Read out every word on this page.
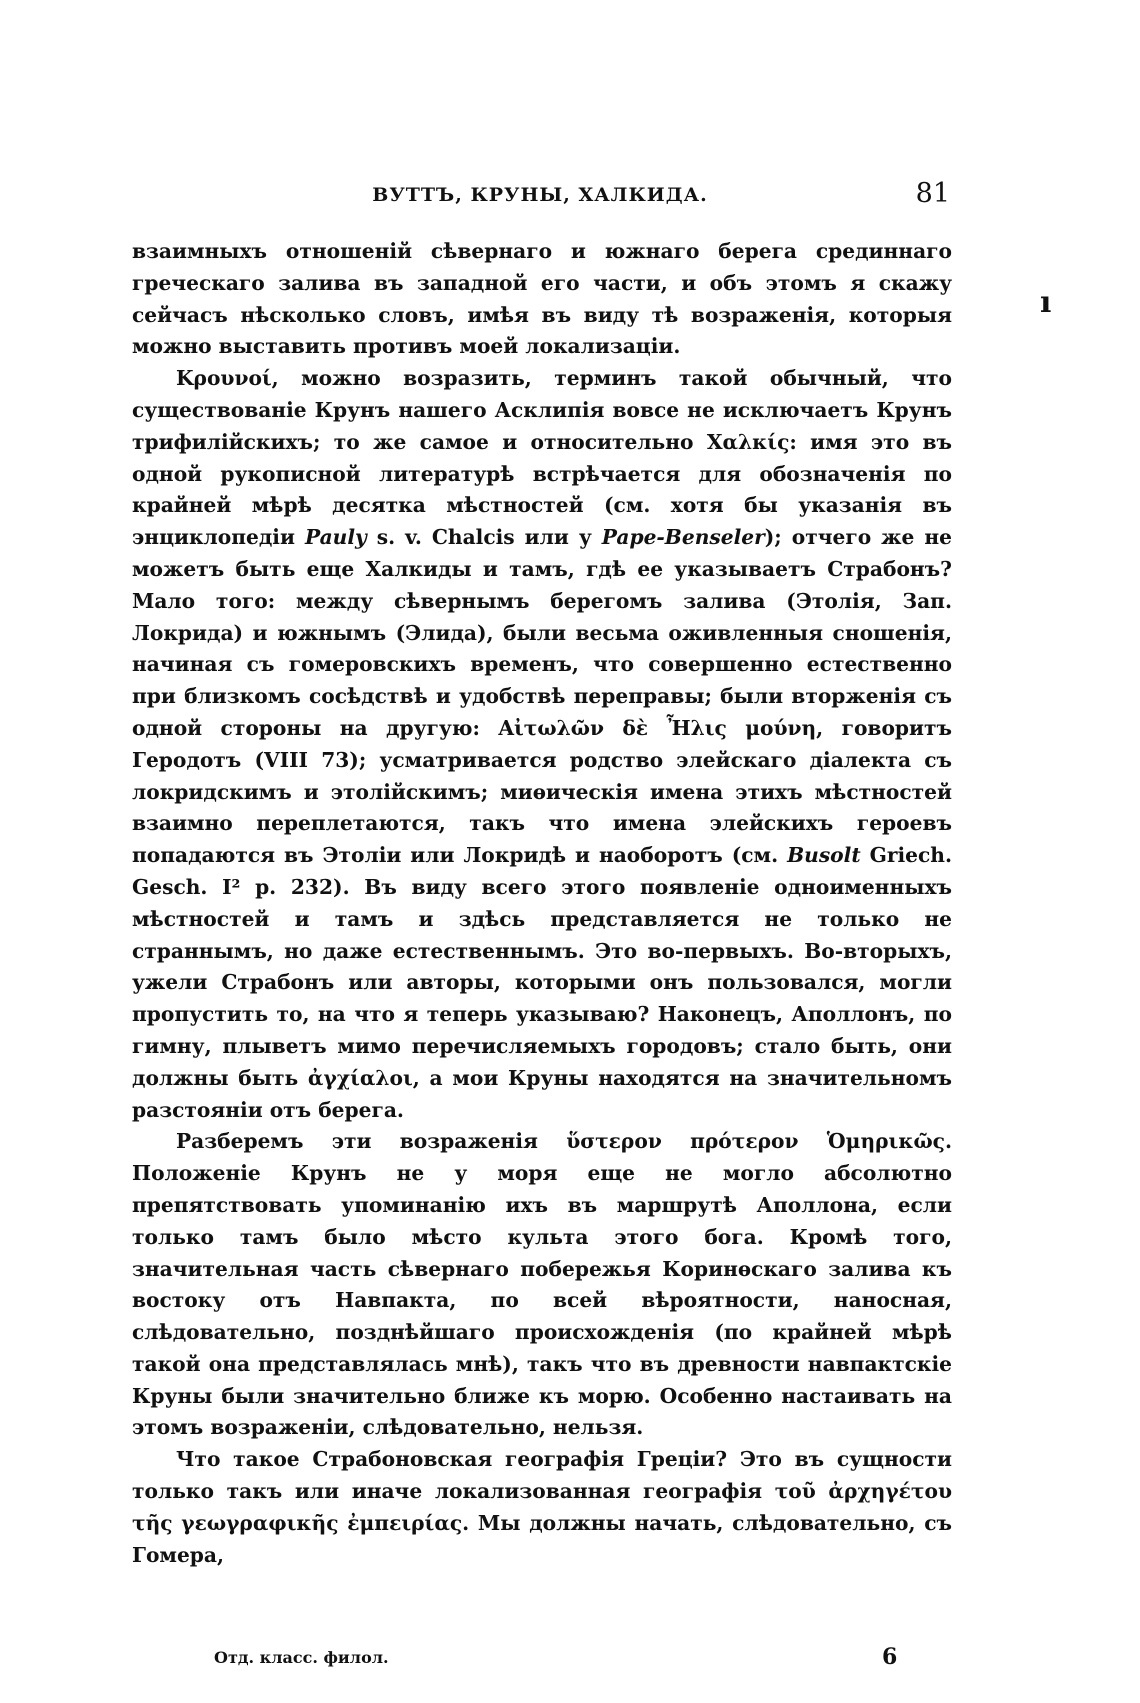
ВУТТЪ, КРУНЫ, ХАЛКИДА.	81

взаимныхъ отношеній сѣвернаго и южнаго берега срединнаго греческаго залива въ западной его части, и объ этомъ я скажу сейчасъ нѣсколько словъ, имѣя въ виду тѣ возраженія, которыя можно выставить противъ моей локализаціи.

Κρουνοί, можно возразить, терминъ такой обычный, что существованіе Крунъ нашего Асклипія вовсе не исключаетъ Крунъ трифилійскихъ; то же самое и относительно Χαλκίς: имя это въ одной рукописной литературѣ встрѣчается для обозначенія по крайней мѣрѣ десятка мѣстностей (см. хотя бы указанія въ энциклопедіи Pauly s. v. Chalcis или у Pape-Benseler); отчего же не можетъ быть еще Халкиды и тамъ, гдѣ ее указываетъ Страбонъ? Мало того: между сѣвернымъ берегомъ залива (Этолія, Зап. Локрида) и южнымъ (Элида), были весьма оживленныя сношенія, начиная съ гомеровскихъ временъ, что совершенно естественно при близкомъ сосѣдствѣ и удобствѣ переправы; были вторженія съ одной стороны на другую: Αἰτωλῶν δὲ Ἦλις μούνη, говоритъ Геродотъ (VIII 73); усматривается родство элейскаго діалекта съ локридскимъ и этолійскимъ; миѳическія имена этихъ мѣстностей взаимно переплетаются, такъ что имена элейскихъ героевъ попадаются въ Этоліи или Локридѣ и наоборотъ (см. Busolt Griech. Gesch. I² p. 232). Въ виду всего этого появленіе одноименныхъ мѣстностей и тамъ и здѣсь представляется не только не страннымъ, но даже естественнымъ. Это во-первыхъ. Во-вторыхъ, ужели Страбонъ или авторы, которыми онъ пользовался, могли пропустить то, на что я теперь указываю? Наконецъ, Аполлонъ, по гимну, плыветъ мимо перечисляемыхъ городовъ; стало быть, они должны быть ἀγχίαλοι, а мои Круны находятся на значительномъ разстояніи отъ берега.

Разберемъ эти возраженія ὕστερον πρότερον Ὁμηρικῶς. Положеніе Крунъ не у моря еще не могло абсолютно препятствовать упоминанію ихъ въ маршрутѣ Аполлона, если только тамъ было мѣсто культа этого бога. Кромѣ того, значительная часть сѣвернаго побережья Коринѳскаго залива къ востоку отъ Навпакта, по всей вѣроятности, наносная, слѣдовательно, позднѣйшаго происхожденія (по крайней мѣрѣ такой она представлялась мнѣ), такъ что въ древности навпактскіе Круны были значительно ближе къ морю. Особенно настаивать на этомъ возраженіи, слѣдовательно, нельзя.

Что такое Страбоновская географія Греціи? Это въ сущности только такъ или иначе локализованная географія τοῦ ἀρχηγέτου τῆς γεωγραφικῆς ἐμπειρίας. Мы должны начать, слѣдовательно, съ Гомера,

ı
Отд. класс. филол.	6
